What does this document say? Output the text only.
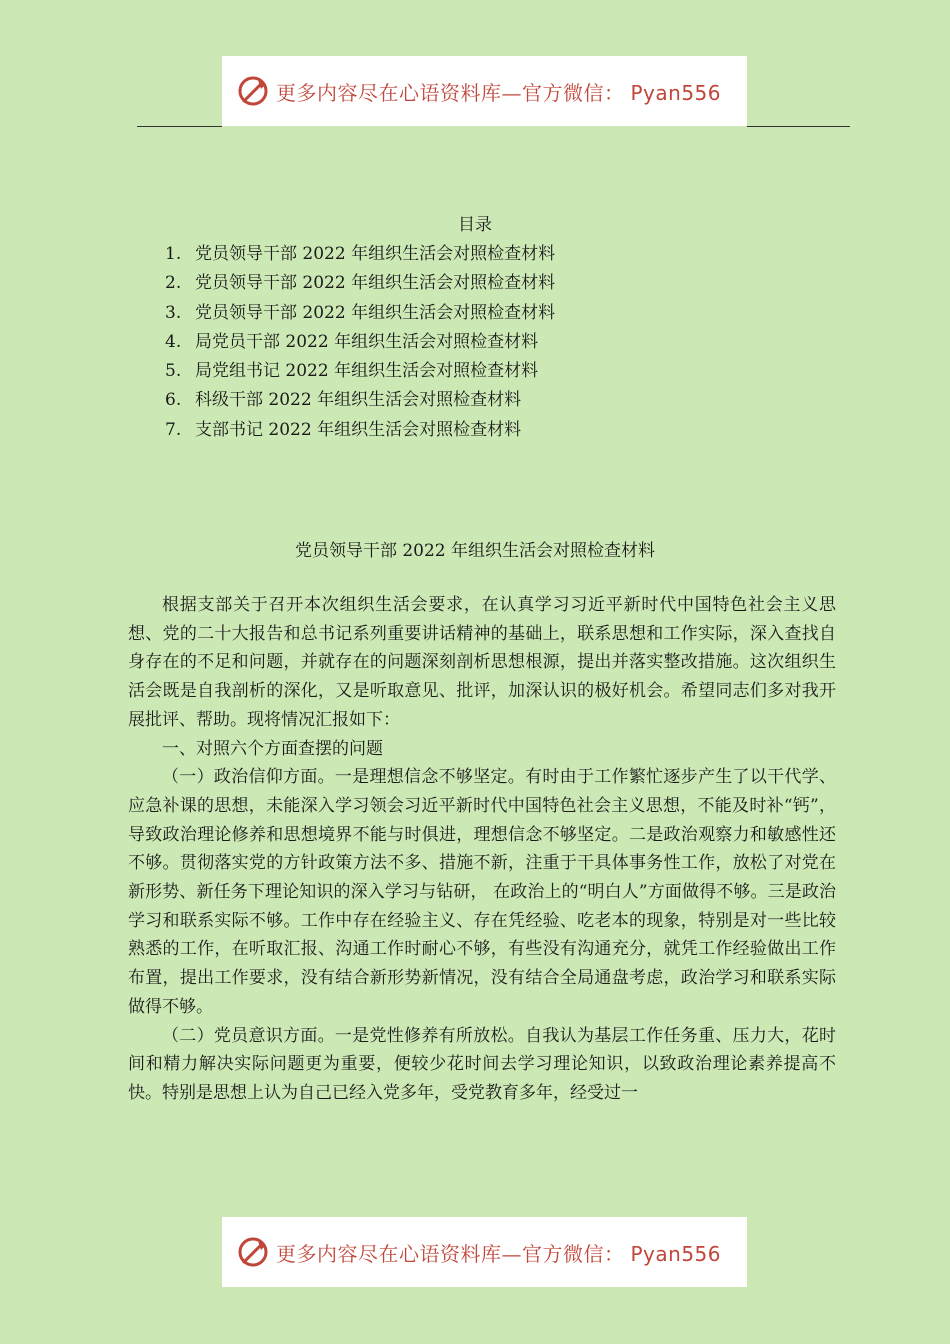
更多内容尽在心语资料库—官方微信： Pyan556
目录
1. 党员领导干部 2022 年组织生活会对照检查材料
2. 党员领导干部 2022 年组织生活会对照检查材料
3. 党员领导干部 2022 年组织生活会对照检查材料
4. 局党员干部 2022 年组织生活会对照检查材料
5. 局党组书记 2022 年组织生活会对照检查材料
6. 科级干部 2022 年组织生活会对照检查材料
7. 支部书记 2022 年组织生活会对照检查材料
党员领导干部 2022 年组织生活会对照检查材料

根据支部关于召开本次组织生活会要求，在认真学习习近平新时代中国特色社会主义思想、党的二十大报告和总书记系列重要讲话精神的基础上，联系思想和工作实际，深入查找自身存在的不足和问题，并就存在的问题深刻剖析思想根源，提出并落实整改措施。这次组织生活会既是自我剖析的深化，又是听取意见、批评，加深认识的极好机会。希望同志们多对我开展批评、帮助。现将情况汇报如下：

一、对照六个方面查摆的问题

（一）政治信仰方面。一是理想信念不够坚定。有时由于工作繁忙逐步产生了以干代学、应急补课的思想，未能深入学习领会习近平新时代中国特色社会主义思想，不能及时补“钙”，导致政治理论修养和思想境界不能与时俱进，理想信念不够坚定。二是政治观察力和敏感性还不够。贯彻落实党的方针政策方法不多、措施不新，注重于干具体事务性工作，放松了对党在新形势、新任务下理论知识的深入学习与钻研， 在政治上的“明白人”方面做得不够。三是政治学习和联系实际不够。工作中存在经验主义、存在凭经验、吃老本的现象，特别是对一些比较熟悉的工作，在听取汇报、沟通工作时耐心不够，有些没有沟通充分，就凭工作经验做出工作布置，提出工作要求，没有结合新形势新情况，没有结合全局通盘考虑，政治学习和联系实际做得不够。

（二）党员意识方面。一是党性修养有所放松。自我认为基层工作任务重、压力大，花时间和精力解决实际问题更为重要，便较少花时间去学习理论知识，以致政治理论素养提高不快。特别是思想上认为自己已经入党多年，受党教育多年，经受过一

更多内容尽在心语资料库—官方微信： Pyan556
